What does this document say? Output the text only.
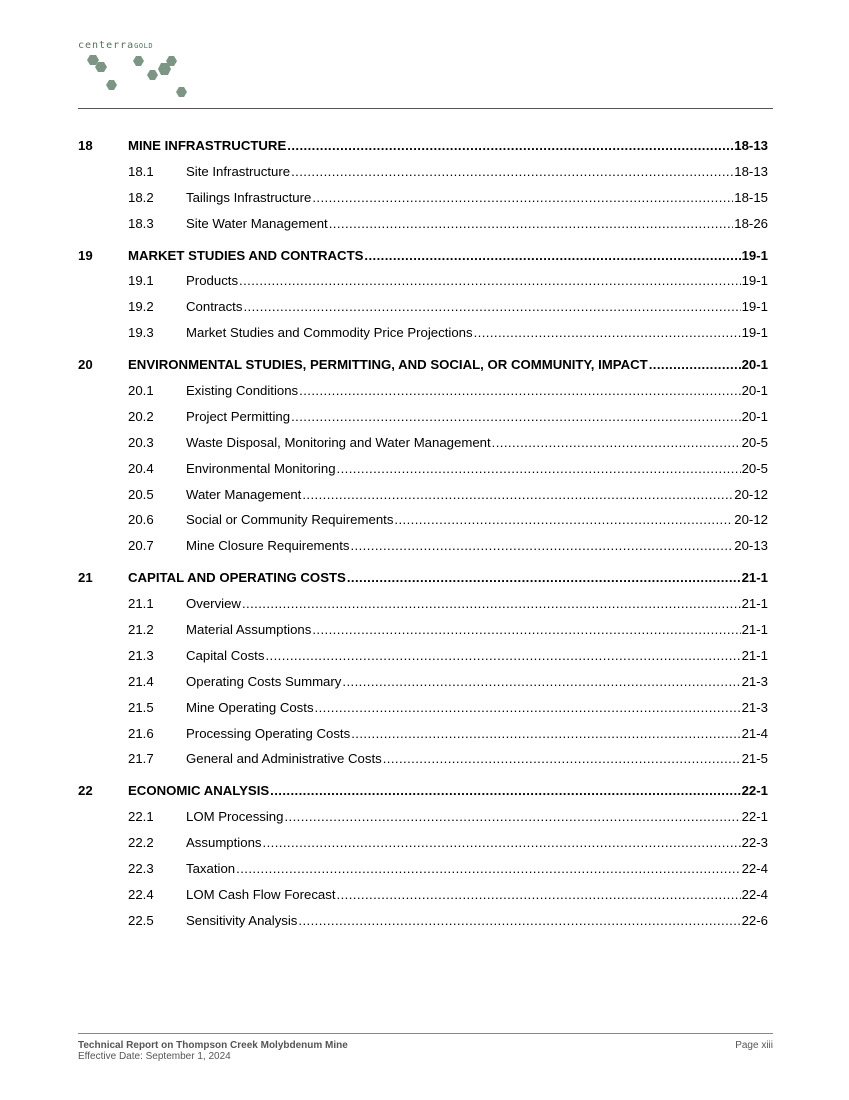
centerraGOLD
18	MINE INFRASTRUCTURE .....	18-13
18.1	Site Infrastructure .....	18-13
18.2	Tailings Infrastructure .....	18-15
18.3	Site Water Management .....	18-26
19	MARKET STUDIES AND CONTRACTS .....	19-1
19.1	Products .....	19-1
19.2	Contracts .....	19-1
19.3	Market Studies and Commodity Price Projections .....	19-1
20	ENVIRONMENTAL STUDIES, PERMITTING, AND SOCIAL, OR COMMUNITY, IMPACT .....	20-1
20.1	Existing Conditions .....	20-1
20.2	Project Permitting .....	20-1
20.3	Waste Disposal, Monitoring and Water Management .....	20-5
20.4	Environmental Monitoring .....	20-5
20.5	Water Management .....	20-12
20.6	Social or Community Requirements .....	20-12
20.7	Mine Closure Requirements .....	20-13
21	CAPITAL AND OPERATING COSTS .....	21-1
21.1	Overview .....	21-1
21.2	Material Assumptions .....	21-1
21.3	Capital Costs .....	21-1
21.4	Operating Costs Summary .....	21-3
21.5	Mine Operating Costs .....	21-3
21.6	Processing Operating Costs .....	21-4
21.7	General and Administrative Costs .....	21-5
22	ECONOMIC ANALYSIS .....	22-1
22.1	LOM Processing .....	22-1
22.2	Assumptions .....	22-3
22.3	Taxation .....	22-4
22.4	LOM Cash Flow Forecast .....	22-4
22.5	Sensitivity Analysis .....	22-6
Technical Report on Thompson Creek Molybdenum Mine
Effective Date: September 1, 2024
Page xiii
